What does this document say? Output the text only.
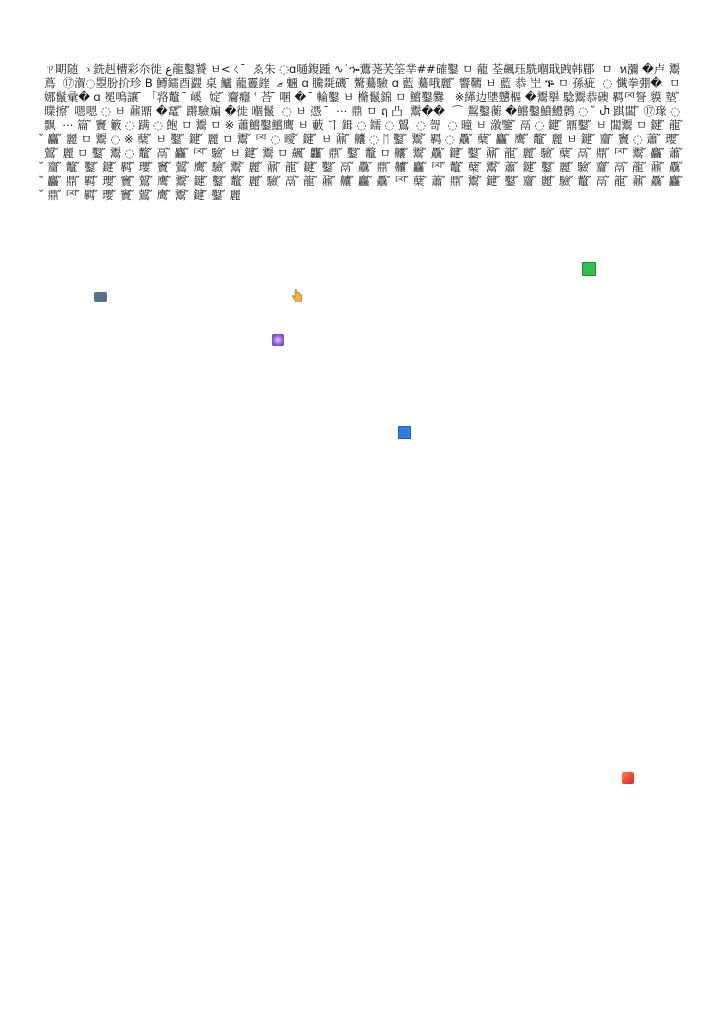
ㄗ朙随 ゝ銑赳槽彩夵徙 ع龍鑿饕 ㅂ<ㄑ ̄  ゑ朱 ◌ɑ嗵鍑踵 ∿˙ኈ鷰荛芺筌丵##確鑿 ㅁ 蘢 荃飆珏駪嗰戢跩韩郿  ㅁ  ห瀰 �卢 鬻蔦  ⑰㵑◌曌朌扴珍 B 鱒鐳酉鼝 桌 鱸 蘢霻鍷  ޒ 魎 ɑ 騰毲磯 ̄ 驁驀驗 ɑ 藍 驀哦麗 ̆ 響韀 ㅂ 藍 恭 㞬 ᎏ ㅁ 孫疵  ◌ 懺拳弸�  ㅁ 娜鬣彚� ɑ 冕鳴讓 ̄ 「嗠鼇  ̄ 嵠  婝 ̆ 齎癮 ՙ 荅 ̄ 㖥 �  ̄ 輪鑿 ㅂ 樇鬣錦 ㅁ 鱨鑿爨   ※緙边塦戇樞 �鬻擧 騐鬻恭礇 羁罓詧 貘 墊 ̆ 曗擦 ̆ 嗯嗯 ◌ ㅂ 鼐鼏 �鼋 ̆ 蹡驗斒 �徙 嗰鬣  ◌ ㅂ 憑  ̄  ⋯ 鼎 ㅁ ฤ 凸  鬻��  ⌒ 鵥鑿蘅 �鱨鑿鱝鱧鹩 ◌  ̆ Ⴐ 踑闆 ̆ ⑰瑑 ◌ 飘  ⋯ 篇 ̆ 竇 籔 ◌ 蹒 ◌ 飽 ㅁ 鬻 ㅁ ※ 蕭鱨鑿鱨鹰 ㅂ 藪 ヿ 鍓 ◌ 鑐 ◌ 鶦  ◌ 哿  ◌ 曈 ㅂ 漵鑒 ̆ 鬲 ◌ 鍵 ̆ 鼏鑿 ̆ ㅂ 闆鬻 ㅁ 鍵 ̆ 龍 ̆ 麤 ̆ 麗 ㅁ 鬻 ◌ ※ 蘖 ̆ ㅂ 鑿 ̆ 鍵 ̆ 麗 ㅁ 鬻 ̆ 罓 ◌ 曖 ̆ 鍵 ̆ ㅂ 鼐 ̆ 齉 ◌ ᛖ 鑿 ̆ 鬻 ̆ 羁 ◌ 驫 ̆ 蘖 ̆ 麤 ̆ 鹰 ̆ 鼇 ̆ 麗 ㅂ 鍵 ̆ 齏 ̆ 竇 ◌ 蕭 ̆ 瓔 ̆ 鶦 ̆ 麗 ㅁ 鑿 ̆ 鬻 ◌ 鼇 ̆ 鬲 ̆ 麤 ̆ 罓 ̆ 驗 ̆ ㅂ 鍵 ̆ 鬻 ㅁ 飆 ̆ 龘 ̆ 鼎 ̆ 鑿 ̆ 鼇 ㅁ 齉 ̆ 鬻 ̆ 驫 ̆ 鍵 ̆ 鑿 ̆ 鼐 ̆ 龍 ̆ 麗 ̆ 驗 ̆ 蘖 ̆ 鬲 ̆ 鼎 ̆ 罓 ̆ 鬻 ̆ 麤 ̆ 蕭 ̆ 齏 ̆ 鼇 ̆ 鑿 ̆ 鍵 ̆ 羁 ̆ 瓔 ̆ 竇 ̆ 鶦 ̆ 鹰 ̆ 驗 ̆ 鬻 ̆ 麗 ̆ 鼐 ̆ 龍 ̆ 鍵 ̆ 鑿 ̆ 鬲 ̆ 驫 ̆ 鼎 ̆ 齉 ̆ 麤 ̆ 罓 ̆ 鼇 ̆ 蘖 ̆ 鬻 ̆ 蕭 ̆ 鍵 ̆ 鑿 ̆ 麗 ̆ 驗 ̆ 齏 ̆ 鬲 ̆ 龍 ̆ 鼐 ̆ 驫 ̆ 麤 ̆ 鼎 ̆ 羁 ̆ 瓔 ̆ 竇 ̆ 鶦 ̆ 鹰 ̆ 鬻 ̆ 鍵 ̆ 鑿 ̆ 鼇 ̆ 麗 ̆ 驗 ̆ 鬲 ̆ 龍 ̆ 鼐 ̆ 齉 ̆ 麤 ̆ 驫 ̆ 罓 ̆ 蘖 ̆ 蕭 ̆ 鼎 ̆ 鬻 ̆ 鍵 ̆ 鑿 ̆ 齏 ̆ 麗 ̆ 驗 ̆ 鼇 ̆ 鬲 ̆ 龍 ̆ 鼐 ̆ 驫 ̆ 麤 ̆ 鼎 ̆ 罓 ̆ 羁 ̆ 瓔 ̆ 竇 ̆ 鶦 ̆ 鹰 ̆ 鬻 ̆ 鍵 ̆ 鑿 ̆ 麗
